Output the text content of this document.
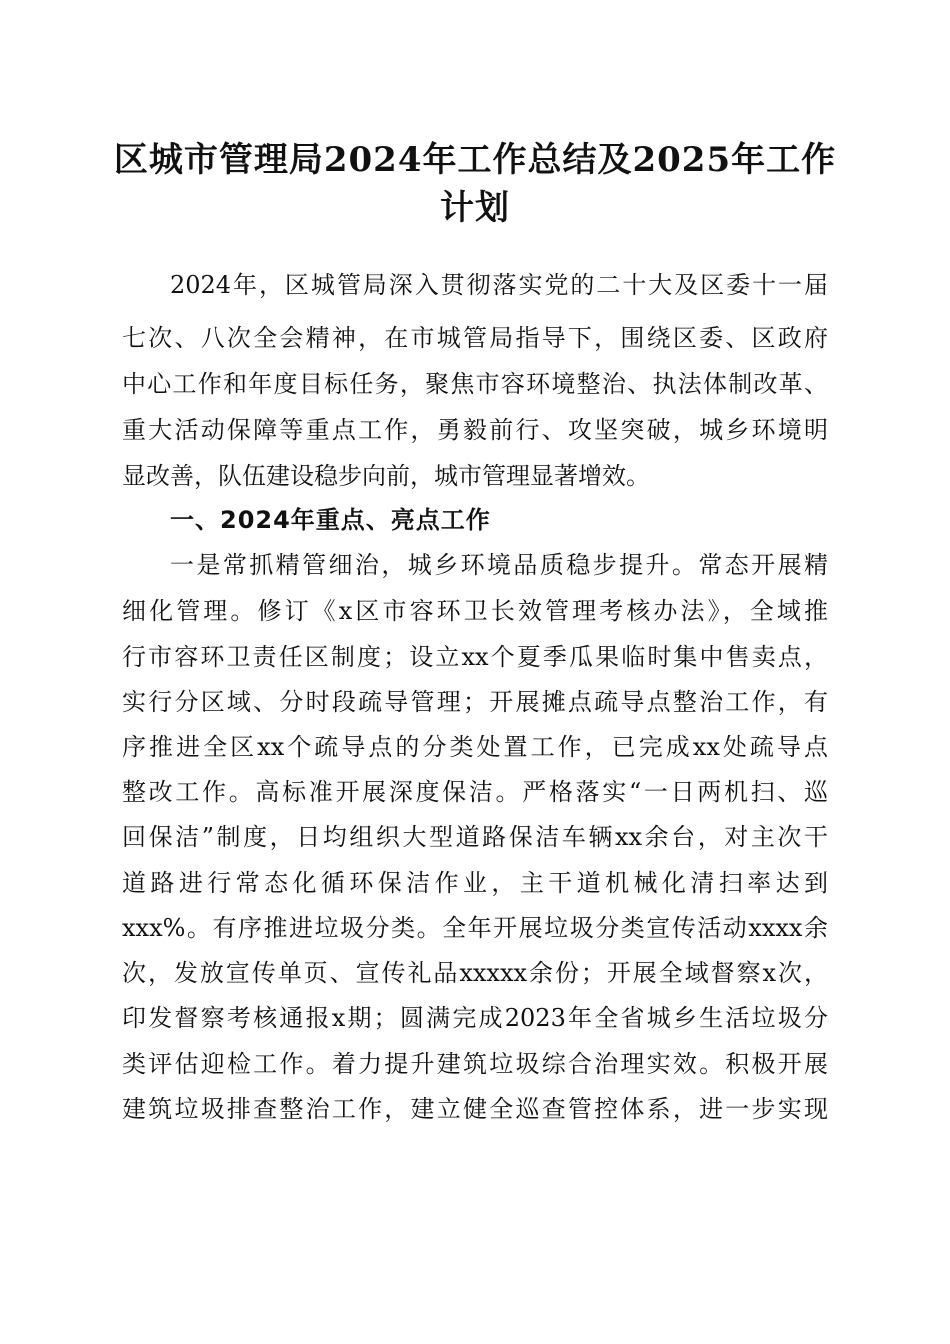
区城市管理局2024年工作总结及2025年工作
计划
2024年，区城管局深入贯彻落实党的二十大及区委十一届
七次、八次全会精神，在市城管局指导下，围绕区委、区政府
中心工作和年度目标任务，聚焦市容环境整治、执法体制改革、
重大活动保障等重点工作，勇毅前行、攻坚突破，城乡环境明
显改善，队伍建设稳步向前，城市管理显著增效。
一、2024年重点、亮点工作
一是常抓精管细治，城乡环境品质稳步提升。常态开展精
细化管理。修订《x区市容环卫长效管理考核办法》，全域推
行市容环卫责任区制度；设立xx个夏季瓜果临时集中售卖点，
实行分区域、分时段疏导管理；开展摊点疏导点整治工作，有
序推进全区xx个疏导点的分类处置工作，已完成xx处疏导点
整改工作。高标准开展深度保洁。严格落实“一日两机扫、巡
回保洁”制度，日均组织大型道路保洁车辆xx余台，对主次干
道路进行常态化循环保洁作业，主干道机械化清扫率达到
xxx%。有序推进垃圾分类。全年开展垃圾分类宣传活动xxxx余
次，发放宣传单页、宣传礼品xxxxx余份；开展全域督察x次，
印发督察考核通报x期；圆满完成2023年全省城乡生活垃圾分
类评估迎检工作。着力提升建筑垃圾综合治理实效。积极开展
建筑垃圾排查整治工作，建立健全巡查管控体系，进一步实现
